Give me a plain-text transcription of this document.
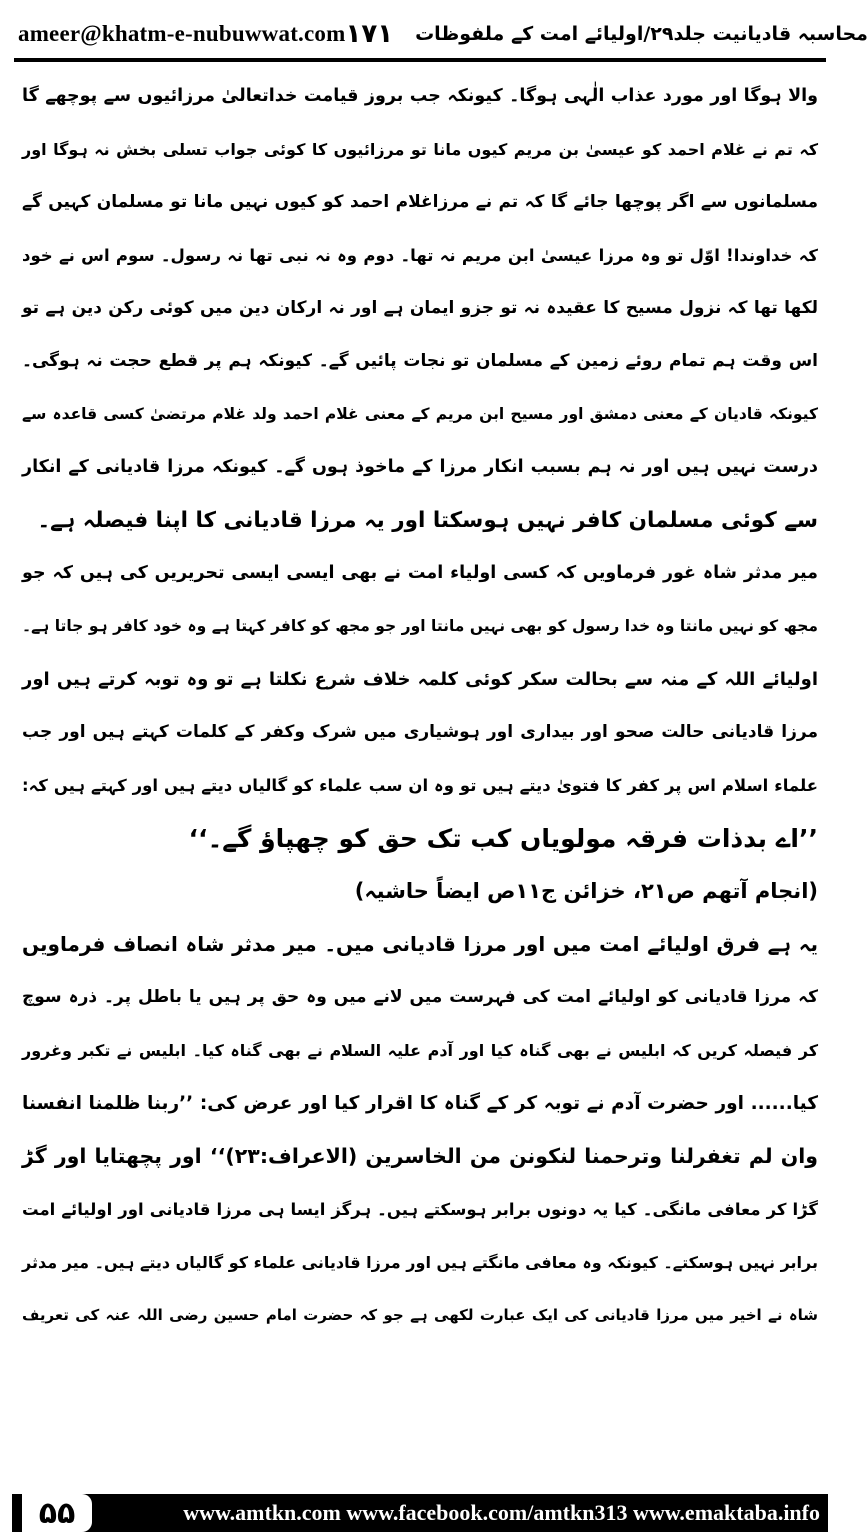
ameer@khatm-e-nubuwwat.com	محاسبہ قادیانیت جلد۲۹/اولیائے امت کے ملفوظات
۱۷۱
والا ہوگا اور مورد عذاب الٰہی ہوگا۔ کیونکہ جب بروز قیامت خداتعالیٰ مرزائیوں سے پوچھے گا
کہ تم نے غلام احمد کو عیسیٰ بن مریم کیوں مانا تو مرزائیوں کا کوئی جواب تسلی بخش نہ ہوگا اور
مسلمانوں سے اگر پوچھا جائے گا کہ تم نے مرزاغلام احمد کو کیوں نہیں مانا تو مسلمان کہیں گے
کہ خداوندا! اوّل تو وہ مرزا عیسیٰ ابن مریم نہ تھا۔ دوم وہ نہ نبی تھا نہ رسول۔ سوم اس نے خود
لکھا تھا کہ نزول مسیح کا عقیدہ نہ تو جزو ایمان ہے اور نہ ارکان دین میں کوئی رکن دین ہے تو
اس وقت ہم تمام روئے زمین کے مسلمان تو نجات پائیں گے۔ کیونکہ ہم پر قطع حجت نہ ہوگی۔
کیونکہ قادیان کے معنی دمشق اور مسیح ابن مریم کے معنی غلام احمد ولد غلام مرتضیٰ کسی قاعدہ سے
درست نہیں ہیں اور نہ ہم بسبب انکار مرزا کے ماخوذ ہوں گے۔ کیونکہ مرزا قادیانی کے انکار
سے کوئی مسلمان کافر نہیں ہوسکتا اور یہ مرزا قادیانی کا اپنا فیصلہ ہے۔
میر مدثر شاہ غور فرماویں کہ کسی اولیاء امت نے بھی ایسی ایسی تحریریں کی ہیں کہ جو
مجھ کو نہیں مانتا وہ خدا رسول کو بھی نہیں مانتا اور جو مجھ کو کافر کہتا ہے وہ خود کافر ہو جاتا ہے۔
اولیائے اللہ کے منہ سے بحالت سکر کوئی کلمہ خلاف شرع نکلتا ہے تو وہ توبہ کرتے ہیں اور
مرزا قادیانی حالت صحو اور بیداری اور ہوشیاری میں شرک وکفر کے کلمات کہتے ہیں اور جب
علماء اسلام اس پر کفر کا فتویٰ دیتے ہیں تو وہ ان سب علماء کو گالیاں دیتے ہیں اور کہتے ہیں کہ:
’’اے بدذات فرقہ مولویاں کب تک حق کو چھپاؤ گے۔‘‘
(انجام آتھم ص۲۱، خزائن ج۱۱ص ایضاً حاشیہ)
یہ ہے فرق اولیائے امت میں اور مرزا قادیانی میں۔ میر مدثر شاہ انصاف فرماویں
کہ مرزا قادیانی کو اولیائے امت کی فہرست میں لانے میں وہ حق پر ہیں یا باطل پر۔ ذرہ سوچ
کر فیصلہ کریں کہ ابلیس نے بھی گناہ کیا اور آدم علیہ السلام نے بھی گناہ کیا۔ ابلیس نے تکبر وغرور
کیا...... اور حضرت آدم نے توبہ کر کے گناہ کا اقرار کیا اور عرض کی: ’’ربنا ظلمنا انفسنا
وان لم تغفرلنا وترحمنا لنکونن من الخاسرین (الاعراف:۲۳)‘‘ اور پچھتایا اور گڑ
گڑا کر معافی مانگی۔ کیا یہ دونوں برابر ہوسکتے ہیں۔ ہرگز ایسا ہی مرزا قادیانی اور اولیائے امت
برابر نہیں ہوسکتے۔ کیونکہ وہ معافی مانگتے ہیں اور مرزا قادیانی علماء کو گالیاں دیتے ہیں۔ میر مدثر
شاہ نے اخیر میں مرزا قادیانی کی ایک عبارت لکھی ہے جو کہ حضرت امام حسین رضی اللہ عنہ کی تعریف
۵۵	www.amtkn.com www.facebook.com/amtkn313 www.emaktaba.info
